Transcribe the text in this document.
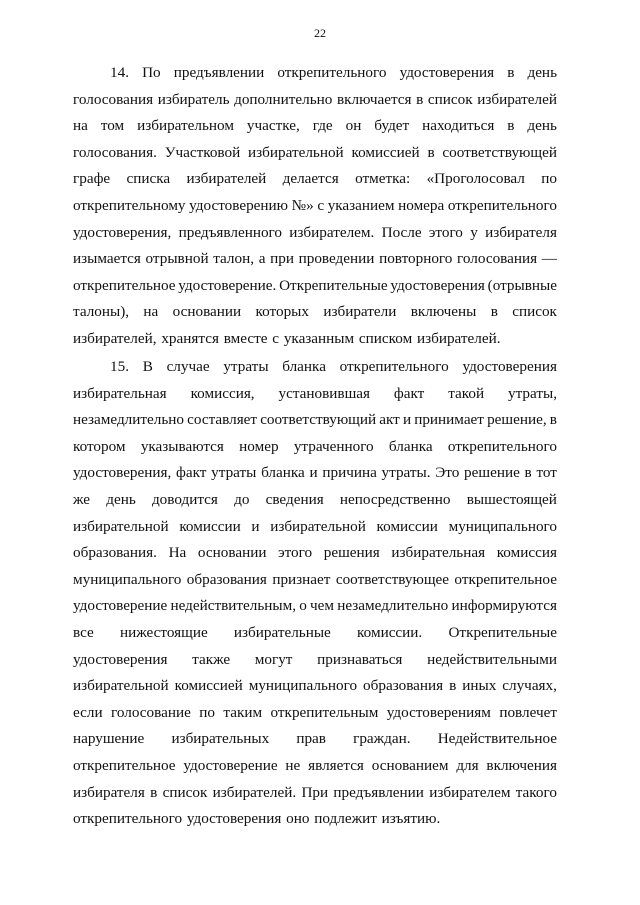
22
14. По предъявлении открепительного удостоверения в день
голосования избиратель дополнительно включается в список избирателей
на том избирательном участке, где он будет находиться в день
голосования. Участковой избирательной комиссией в соответствующей
графе списка избирателей делается отметка: «Проголосовал по
открепительному удостоверению №» с указанием номера открепительного
удостоверения, предъявленного избирателем. После этого у избирателя
изымается отрывной талон, а при проведении повторного голосования —
открепительное удостоверение. Открепительные удостоверения (отрывные
талоны), на основании которых избиратели включены в список
избирателей, хранятся вместе с указанным списком избирателей.
15. В случае утраты бланка открепительного удостоверения
избирательная комиссия, установившая факт такой утраты,
незамедлительно составляет соответствующий акт и принимает решение, в
котором указываются номер утраченного бланка открепительного
удостоверения, факт утраты бланка и причина утраты. Это решение в тот
же день доводится до сведения непосредственно вышестоящей
избирательной комиссии и избирательной комиссии муниципального
образования. На основании этого решения избирательная комиссия
муниципального образования признает соответствующее открепительное
удостоверение недействительным, о чем незамедлительно информируются
все нижестоящие избирательные комиссии. Открепительные
удостоверения также могут признаваться недействительными
избирательной комиссией муниципального образования в иных случаях,
если голосование по таким открепительным удостоверениям повлечет
нарушение избирательных прав граждан. Недействительное
открепительное удостоверение не является основанием для включения
избирателя в список избирателей. При предъявлении избирателем такого
открепительного удостоверения оно подлежит изъятию.
